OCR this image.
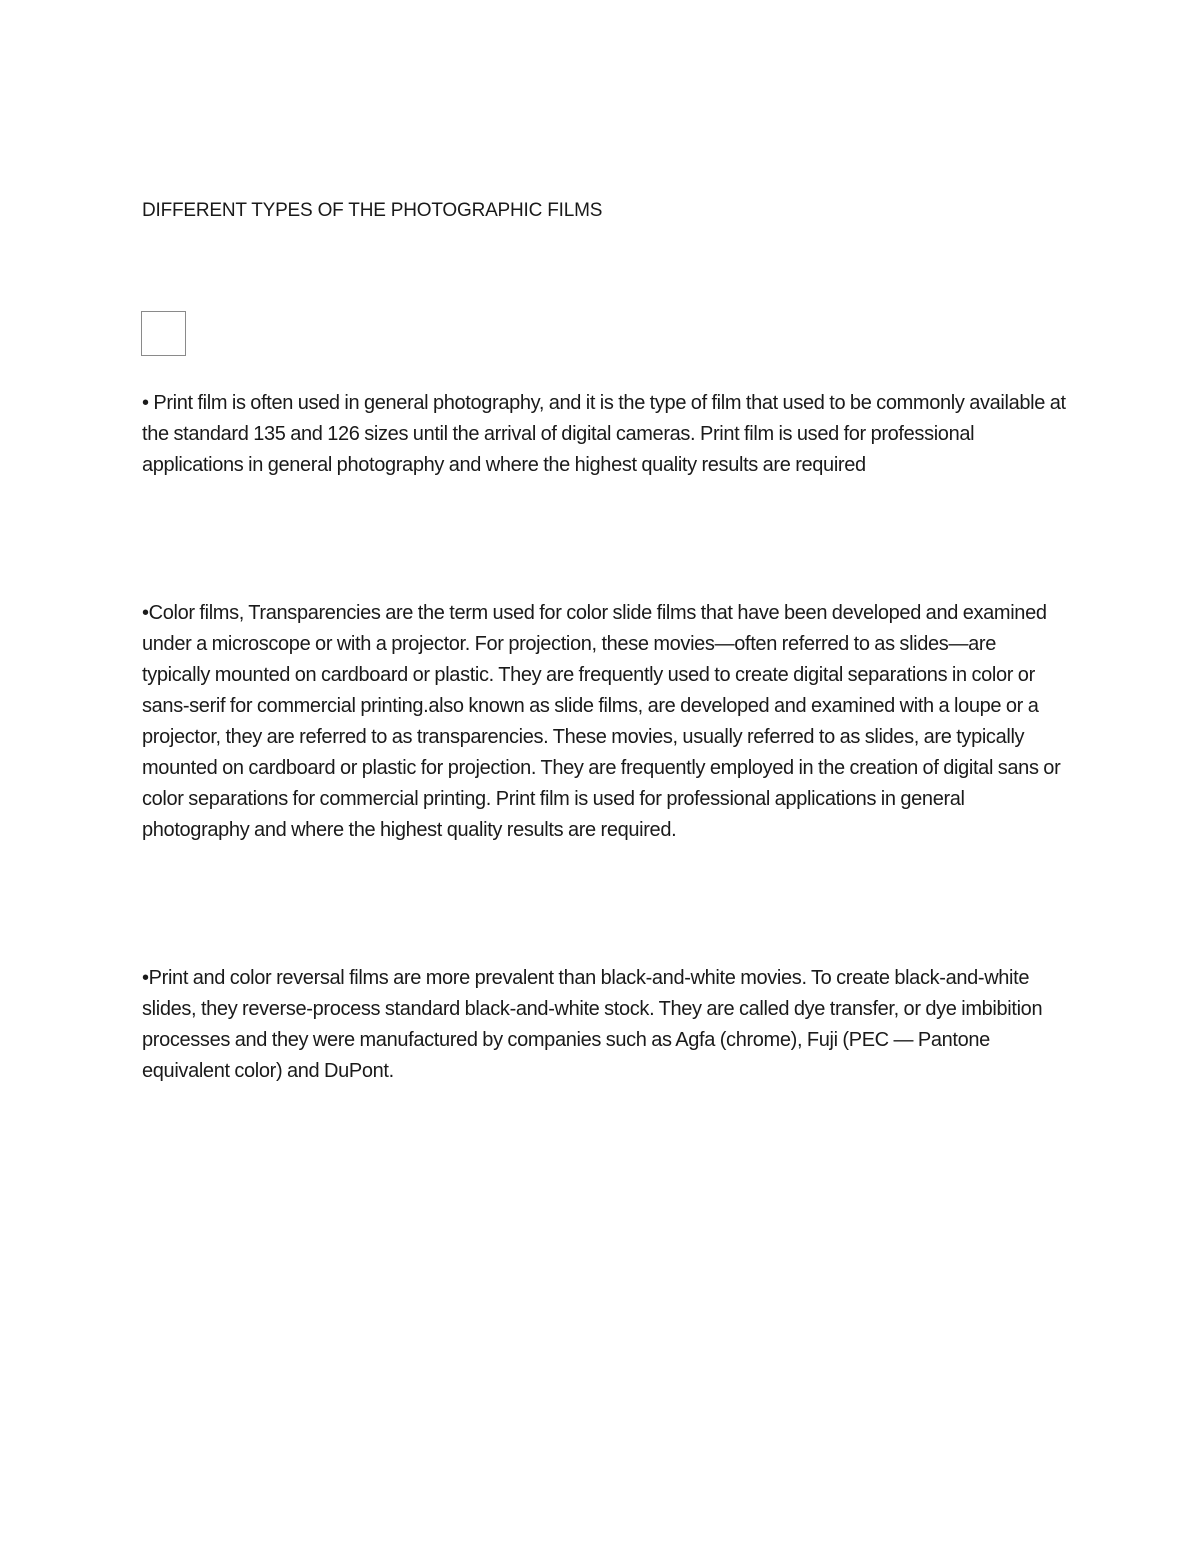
DIFFERENT TYPES OF THE PHOTOGRAPHIC FILMS

• Print film is often used in general photography, and it is the type of film that used to be commonly available at the standard 135 and 126 sizes until the arrival of digital cameras. Print film is used for professional applications in general photography and where the highest quality results are required

•Color films, Transparencies are the term used for color slide films that have been developed and examined under a microscope or with a projector. For projection, these movies—often referred to as slides—are typically mounted on cardboard or plastic. They are frequently used to create digital separations in color or sans-serif for commercial printing.also known as slide films, are developed and examined with a loupe or a projector, they are referred to as transparencies. These movies, usually referred to as slides, are typically mounted on cardboard or plastic for projection. They are frequently employed in the creation of digital sans or color separations for commercial printing. Print film is used for professional applications in general photography and where the highest quality results are required.

•Print and color reversal films are more prevalent than black-and-white movies. To create black-and-white slides, they reverse-process standard black-and-white stock. They are called dye transfer, or dye imbibition processes and they were manufactured by companies such as Agfa (chrome), Fuji (PEC — Pantone equivalent color) and DuPont.
